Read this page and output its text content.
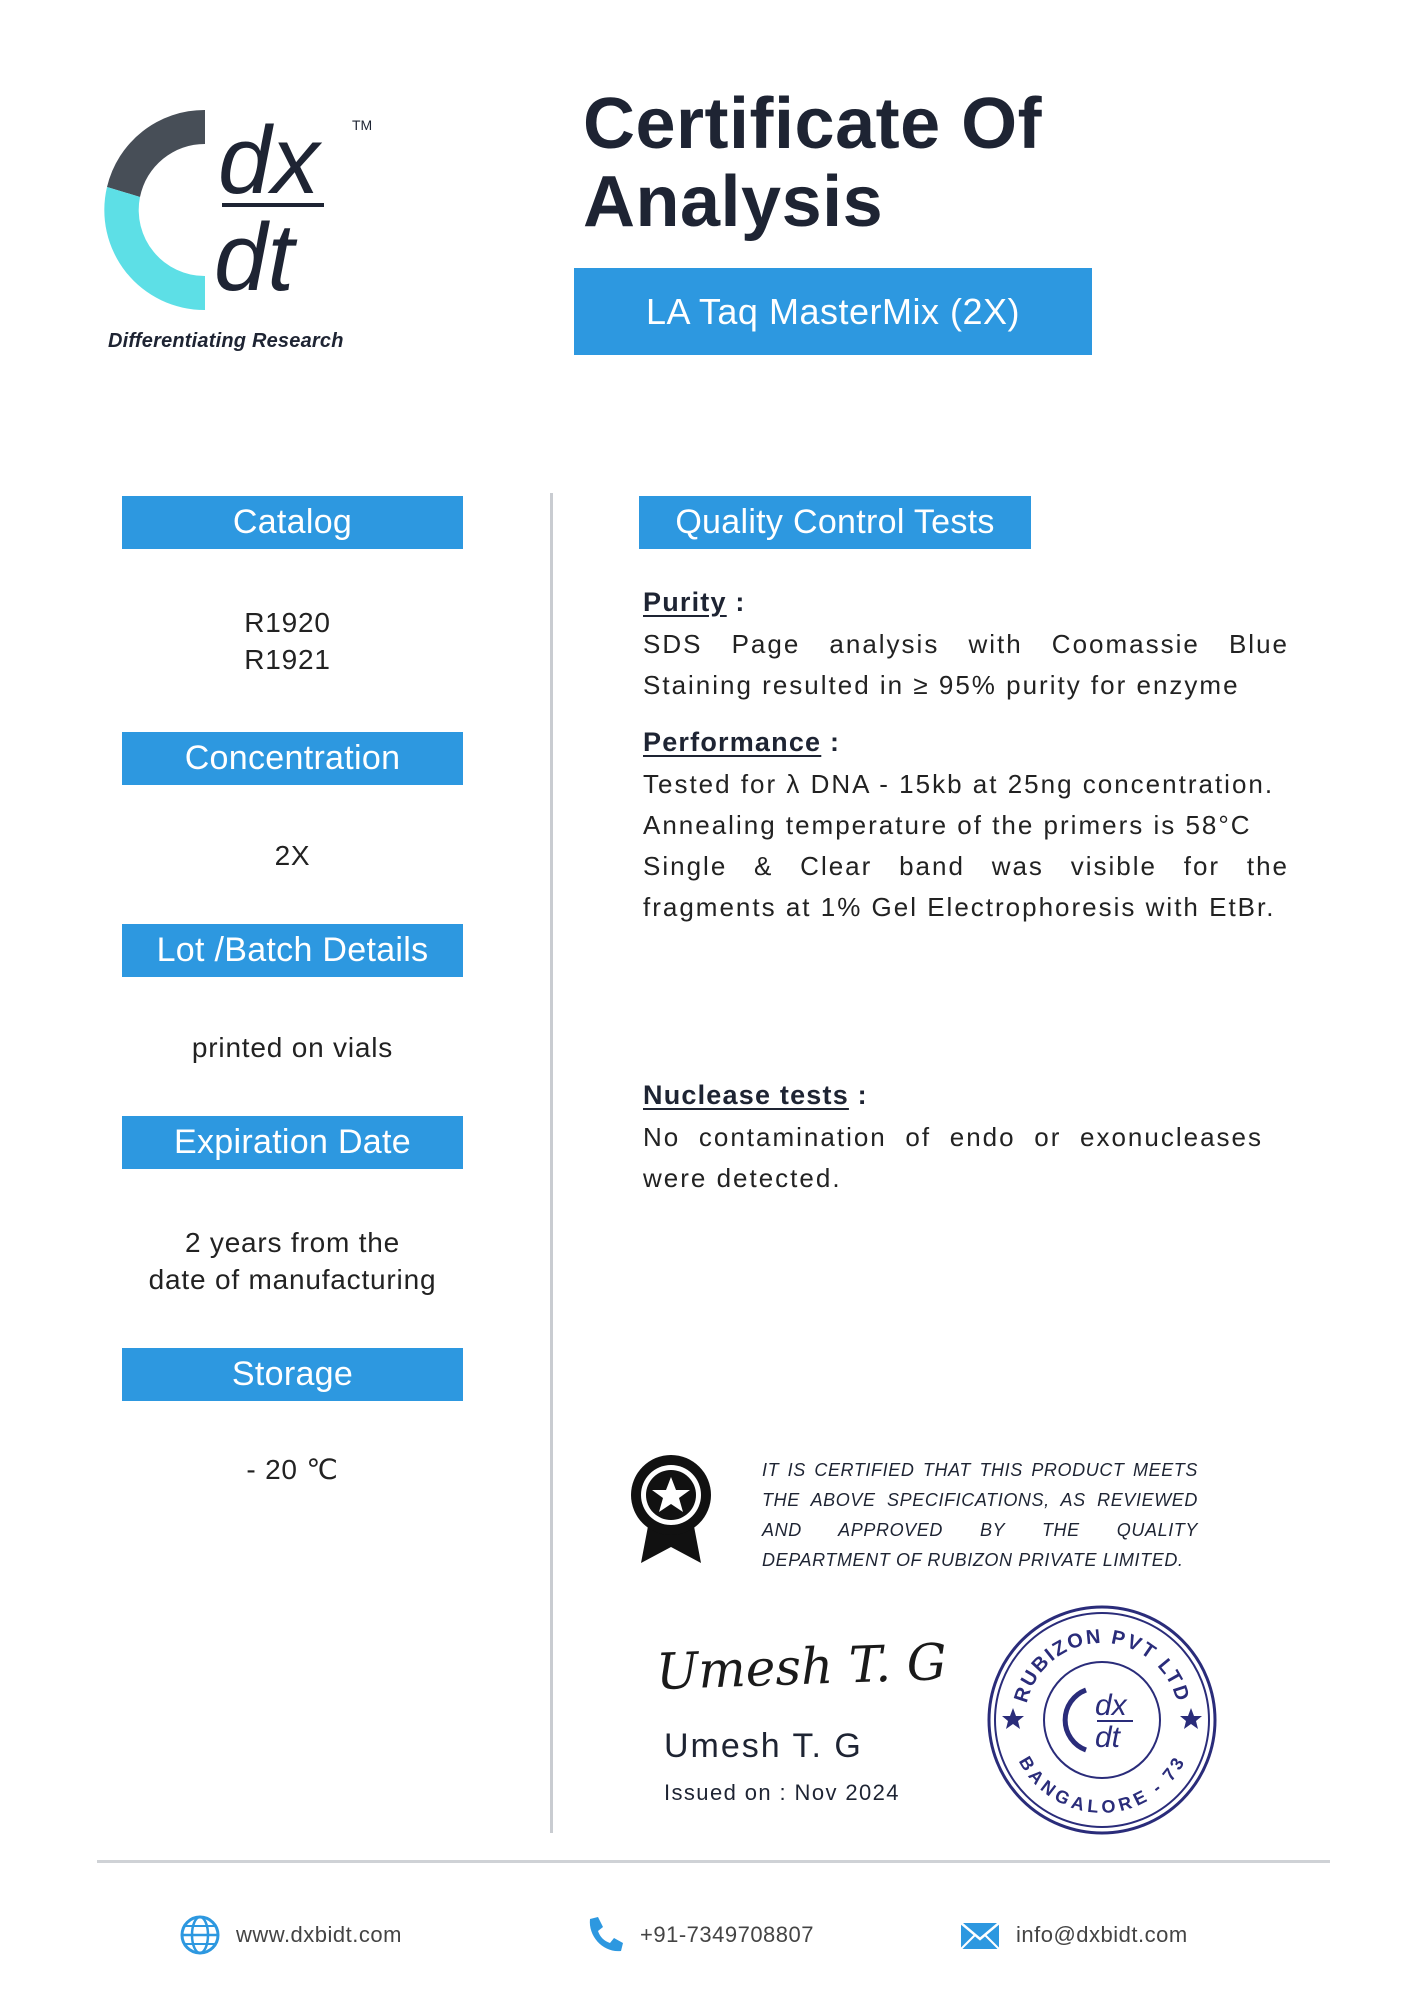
dx
dt
TM
Differentiating Research
Certificate Of
Analysis
LA Taq MasterMix (2X)
Catalog
R1920
R1921
Concentration
2X
Lot /Batch Details
printed on vials
Expiration Date
2 years from the
date of manufacturing
Storage
- 20 ℃
Quality Control Tests
Purity :
SDS Page analysis with Coomassie Blue Staining resulted in ≥ 95% purity for enzyme
Performance :
Tested for λ DNA - 15kb at 25ng concentration.
Annealing temperature of the primers is 58°C
Single & Clear band was visible for the fragments at 1% Gel Electrophoresis with EtBr.
Nuclease tests :
No contamination of endo or exonucleases were detected.
IT IS CERTIFIED THAT THIS PRODUCT MEETS THE ABOVE SPECIFICATIONS, AS REVIEWED AND APPROVED BY THE QUALITY DEPARTMENT OF RUBIZON PRIVATE LIMITED.
Umesh T. G
Umesh T. G
Issued on : Nov 2024
RUBIZON PVT LTD
BANGALORE - 73
dx
dt
www.dxbidt.com	+91-7349708807	info@dxbidt.com
